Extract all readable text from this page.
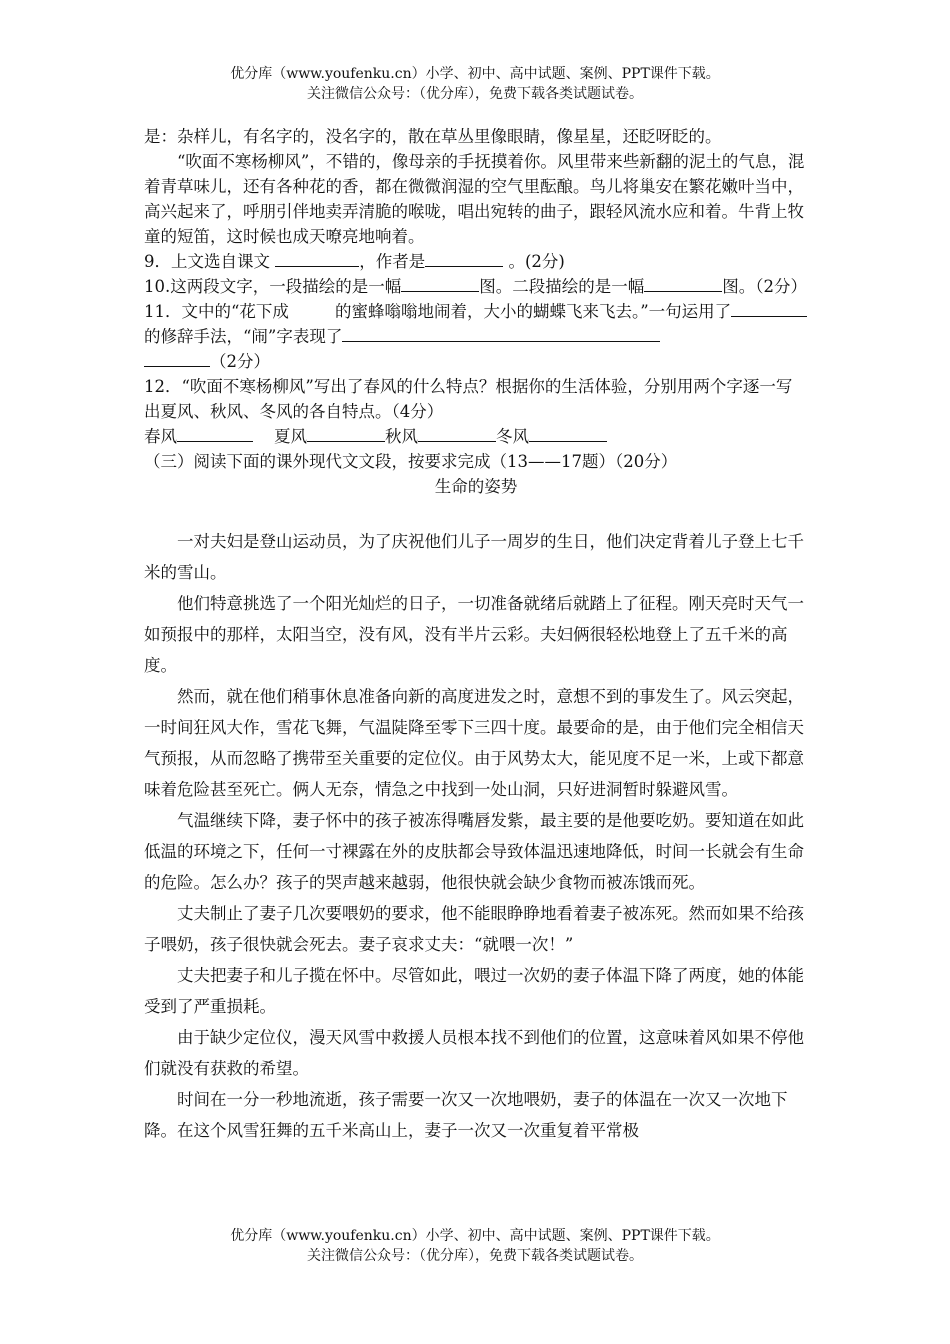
优分库（www.youfenku.cn）小学、初中、高中试题、案例、PPT课件下载。
关注微信公众号：（优分库），免费下载各类试题试卷。

是：杂样儿，有名字的，没名字的，散在草丛里像眼睛，像星星，还眨呀眨的。

“吹面不寒杨柳风”，不错的，像母亲的手抚摸着你。风里带来些新翻的泥土的气息，混着青草味儿，还有各种花的香，都在微微润湿的空气里酝酿。鸟儿将巢安在繁花嫩叶当中，高兴起来了，呼朋引伴地卖弄清脆的喉咙，唱出宛转的曲子，跟轻风流水应和着。牛背上牧童的短笛，这时候也成天嘹亮地响着。

9．上文选自课文	，作者是	。(2分)

10.这两段文字，一段描绘的是一幅	图。二段描绘的是一幅	图。（2分）

11．文中的“花下成	的蜜蜂嗡嗡地闹着，大小的蝴蝶飞来飞去。”一句运用了的修辞手法，“闹”字表现了
（2分）

12．“吹面不寒杨柳风”写出了春风的什么特点？根据你的生活体验，分别用两个字逐一写出夏风、秋风、冬风的各自特点。（4分）

春风	夏风	秋风	冬风

（三）阅读下面的课外现代文文段，按要求完成（13——17题）（20分）

生命的姿势

一对夫妇是登山运动员，为了庆祝他们儿子一周岁的生日，他们决定背着儿子登上七千米的雪山。

他们特意挑选了一个阳光灿烂的日子，一切准备就绪后就踏上了征程。刚天亮时天气一如预报中的那样，太阳当空，没有风，没有半片云彩。夫妇俩很轻松地登上了五千米的高度。

然而，就在他们稍事休息准备向新的高度进发之时，意想不到的事发生了。风云突起，一时间狂风大作，雪花飞舞，气温陡降至零下三四十度。最要命的是，由于他们完全相信天气预报，从而忽略了携带至关重要的定位仪。由于风势太大，能见度不足一米，上或下都意味着危险甚至死亡。俩人无奈，情急之中找到一处山洞，只好进洞暂时躲避风雪。

气温继续下降，妻子怀中的孩子被冻得嘴唇发紫，最主要的是他要吃奶。要知道在如此低温的环境之下，任何一寸裸露在外的皮肤都会导致体温迅速地降低，时间一长就会有生命的危险。怎么办？孩子的哭声越来越弱，他很快就会缺少食物而被冻饿而死。

丈夫制止了妻子几次要喂奶的要求，他不能眼睁睁地看着妻子被冻死。然而如果不给孩子喂奶，孩子很快就会死去。妻子哀求丈夫：“就喂一次！”

丈夫把妻子和儿子揽在怀中。尽管如此，喂过一次奶的妻子体温下降了两度，她的体能受到了严重损耗。

由于缺少定位仪，漫天风雪中救援人员根本找不到他们的位置，这意味着风如果不停他们就没有获救的希望。

时间在一分一秒地流逝，孩子需要一次又一次地喂奶，妻子的体温在一次又一次地下降。在这个风雪狂舞的五千米高山上，妻子一次又一次重复着平常极

优分库（www.youfenku.cn）小学、初中、高中试题、案例、PPT课件下载。
关注微信公众号：（优分库），免费下载各类试题试卷。
